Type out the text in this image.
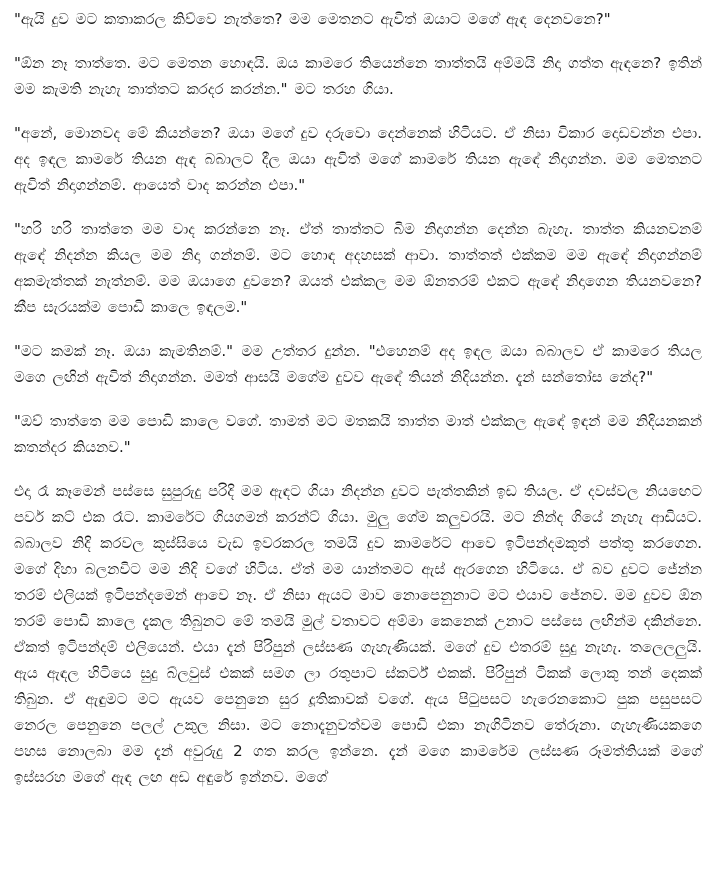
"ඇයි දුව මට කතාකරල කිව්වෙ නැත්තෙ? මම මෙතනට ඇවිත් ඔයාට මගේ ඇඳ දෙනවනෙ?"

"ඕන නෑ තාත්තෙ. මට මෙතන හොඳයි. ඔය කාමරෙ තියෙන්නෙ තාත්තයි අම්මයි නිදා ගත්ත ඇඳනෙ? ඉතින් මම කැමති නැහැ තාත්තට කරදර කරන්න." මට තරහ ගියා.

"අනේ, මොනවද මේ කියන්නෙ? ඔයා මගේ දුව දරුවො දෙන්නෙක් හිටියට. ඒ නිසා විකාර දොඩවන්න එපා. අද ඉඳල කාමරේ තියන ඇඳ බබාලට දීල ඔයා ඇවිත් මගේ කාමරේ තියන ඇඳේ නිදාගන්න. මම මෙතනට ඇවිත් නිදාගන්නම්. ආයෙත් වාද කරන්න එපා."

"හරි හරි තාත්තෙ මම වාද කරන්නෙ නෑ. ඒත් තාත්තට බිම නිදාගන්න දෙන්න බැහැ. තාත්ත කියනවනම් ඇඳේ නිදන්න කියල මම නිදා ගන්නම්. මට හොඳ අදහසක් ආවා. තාත්තත් එක්කම මම ඇඳේ නිදාගන්නම් අකමැත්තක් නැත්නම්. මම ඔයාගෙ දුවනෙ? ඔයත් එක්කල මම ඕනතරම් එකට ඇඳේ නිදාගෙන තියනවනෙ? කීප සැරයක්ම පොඩි කාලෙ ඉඳලම."

"මට කමක් නෑ. ඔයා කැමතිනම්." මම උත්තර දුන්න. "එහෙනම් අද ඉඳල ඔයා බබාලව ඒ කාමරෙ තියල මගෙ ලඟින් ඇවිත් නිදාගන්න. මමත් ආසයි මගේම දුවව ඇඳේ තියන් නිදියන්න. දැන් සන්තෝස නේද?"

"ඔව් තාත්තෙ මම පොඩි කාලෙ වගේ. තාමත් මට මතකයි තාත්ත මාත් එක්කල ඇඳේ ඉඳන් මම නිදියනකන් කතන්දර කියනව."

එදා රෑ කෑමෙන් පස්සෙ සුපුරුදු පරිදි මම ඇඳට ගියා නිදන්න දුවට පැත්තකින් ඉඩ තියල. ඒ දවස්වල නියඟෙට පවර් කට් එක රෑට. කාමරේට ගියගමන් කරන්ට් ගියා. මුලු ගේම කලුවරයි. මට නින්ද ගියේ නැහැ ආඩියට. බබාලව නිදි කරවල කුස්සියෙ වැඩ ඉවරකරල තමයි දුව කාමරේට ආවෙ ඉටිපන්දමකුත් පත්තු කරගෙන. මගේ දිහා බලනවිට මම නිදි වගේ හිටිය. ඒත් මම යාන්තමට ඇස් ඇරගෙන හිටියෙ. ඒ බව දුවට ජේන්න තරම් එලියක් ඉටිපන්දමෙන් ආවෙ නෑ. ඒ නිසා ඇයට මාව නොපෙනුනාට මට එයාව ජේනව. මම දුවව ඕන තරම් පොඩි කාලෙ දැකල තිබුනට මේ තමයි මුල් වතාවට අම්මා කෙනෙක් උනාට පස්සෙ ලඟින්ම දකින්නෙ. ඒකත් ඉටිපන්දම් එලියෙන්. එයා දැන් පිරිපුන් ලස්සණ ගැහැණියක්. මගේ දුව එතරම් සුදු නැහැ. තලෙලලුයි. ඇය ඇඳල හිටියෙ සුදු බ්ලවුස් එකක් සමග ලා රතුපාට ස්කර්ට් එකක්. පිරිපුන් ටිකක් ලොකු තන් දෙකක් තිබුන. ඒ ඇඳුමට මට ඇයව පෙනුනෙ සුර දූතිකාවක් වගේ. ඇය පිටුපසට හැරෙනකොට පුක පසුපසට නෙරල පෙනුනෙ පලල් උකුල නිසා. මට නොදැනුවත්වම පොඩි එකා නැගිටිනව තේරුනා. ගැහැණියකගෙ පහස නොලබා මම දැන් අවුරුදු 2 ගත කරල ඉන්නෙ. දැන් මගෙ කාමරේම ලස්සණ රූමත්තියක් මගේ ඉස්සරහ මගේ ඇඳ ලඟ අඩ අඳුරේ ඉන්නව. මගේ
